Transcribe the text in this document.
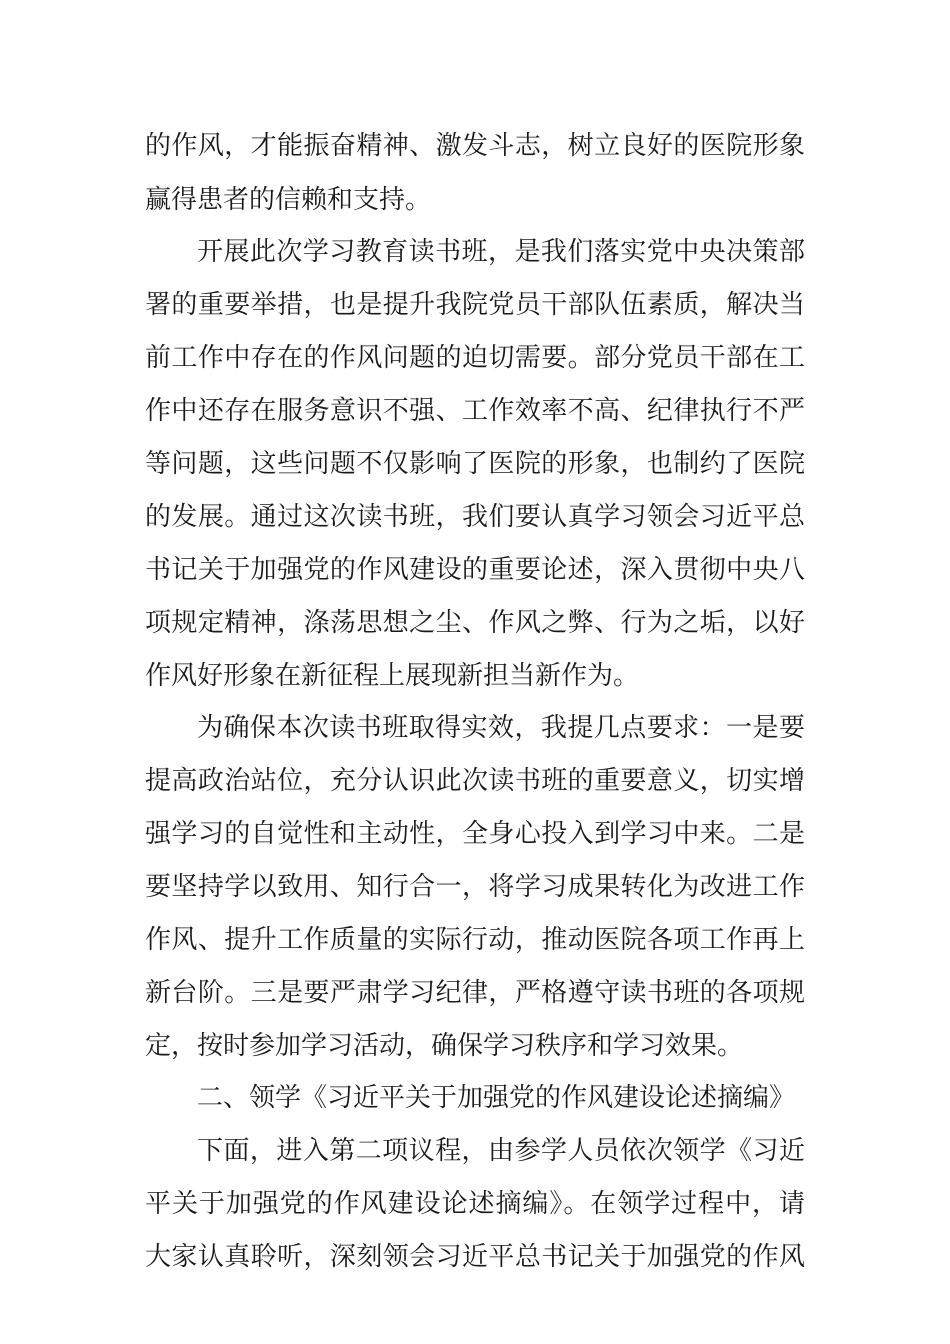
的作风，才能振奋精神、激发斗志，树立良好的医院形象
赢得患者的信赖和支持。
开展此次学习教育读书班，是我们落实党中央决策部
署的重要举措，也是提升我院党员干部队伍素质，解决当
前工作中存在的作风问题的迫切需要。部分党员干部在工
作中还存在服务意识不强、工作效率不高、纪律执行不严
等问题，这些问题不仅影响了医院的形象，也制约了医院
的发展。通过这次读书班，我们要认真学习领会习近平总
书记关于加强党的作风建设的重要论述，深入贯彻中央八
项规定精神，涤荡思想之尘、作风之弊、行为之垢，以好
作风好形象在新征程上展现新担当新作为。
为确保本次读书班取得实效，我提几点要求：一是要
提高政治站位，充分认识此次读书班的重要意义，切实增
强学习的自觉性和主动性，全身心投入到学习中来。二是
要坚持学以致用、知行合一，将学习成果转化为改进工作
作风、提升工作质量的实际行动，推动医院各项工作再上
新台阶。三是要严肃学习纪律，严格遵守读书班的各项规
定，按时参加学习活动，确保学习秩序和学习效果。
二、领学《习近平关于加强党的作风建设论述摘编》
下面，进入第二项议程，由参学人员依次领学《习近
平关于加强党的作风建设论述摘编》。在领学过程中，请
大家认真聆听，深刻领会习近平总书记关于加强党的作风
